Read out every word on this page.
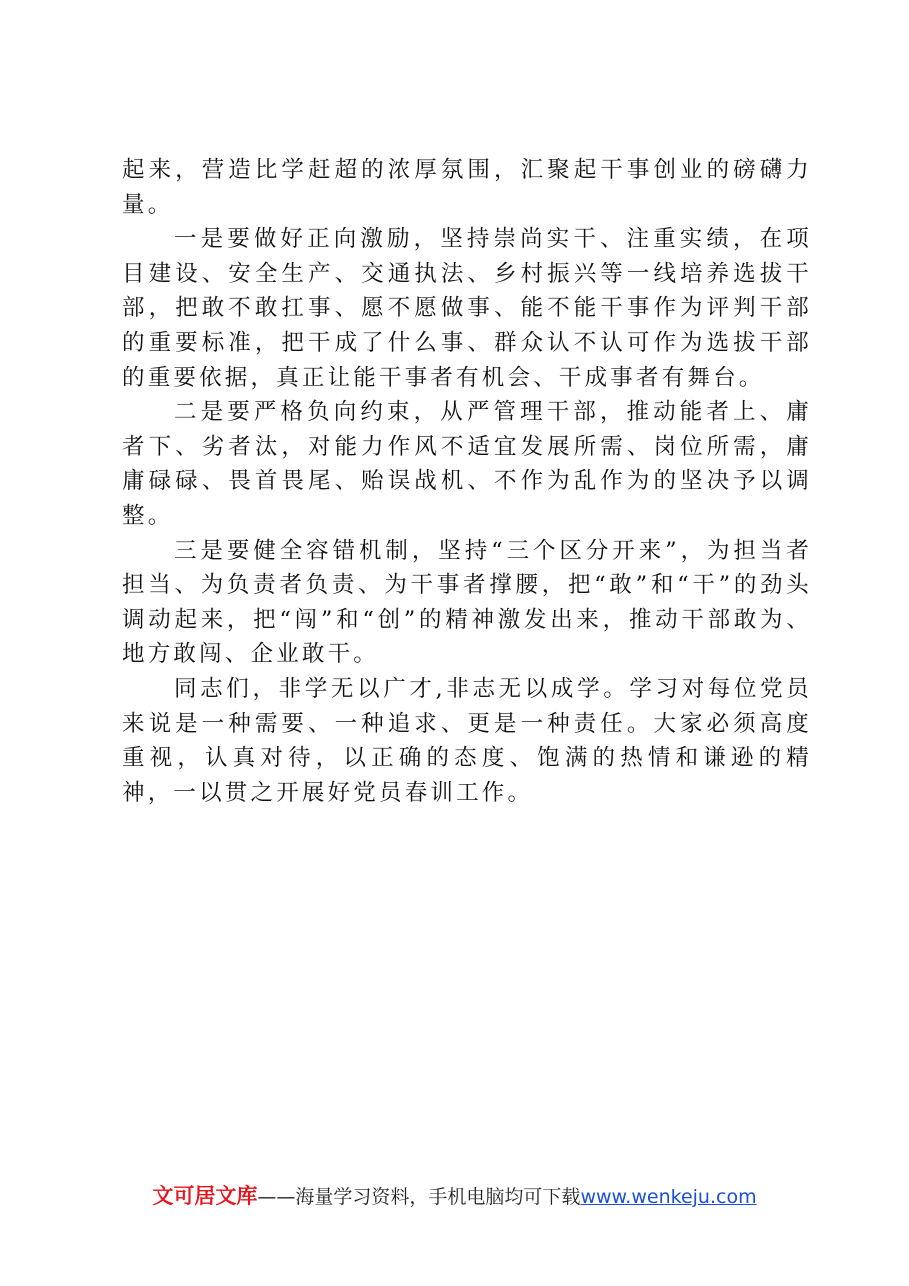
起来，营造比学赶超的浓厚氛围，汇聚起干事创业的磅礴力量。

一是要做好正向激励，坚持崇尚实干、注重实绩，在项目建设、安全生产、交通执法、乡村振兴等一线培养选拔干部，把敢不敢扛事、愿不愿做事、能不能干事作为评判干部的重要标准，把干成了什么事、群众认不认可作为选拔干部的重要依据，真正让能干事者有机会、干成事者有舞台。

二是要严格负向约束，从严管理干部，推动能者上、庸者下、劣者汰，对能力作风不适宜发展所需、岗位所需，庸庸碌碌、畏首畏尾、贻误战机、不作为乱作为的坚决予以调整。

三是要健全容错机制，坚持“三个区分开来”，为担当者担当、为负责者负责、为干事者撑腰，把“敢”和“干”的劲头调动起来，把“闯”和“创”的精神激发出来，推动干部敢为、地方敢闯、企业敢干。

同志们，非学无以广才,非志无以成学。学习对每位党员来说是一种需要、一种追求、更是一种责任。大家必须高度重视，认真对待，以正确的态度、饱满的热情和谦逊的精神，一以贯之开展好党员春训工作。

文可居文库——海量学习资料，手机电脑均可下载www.wenkeju.com
